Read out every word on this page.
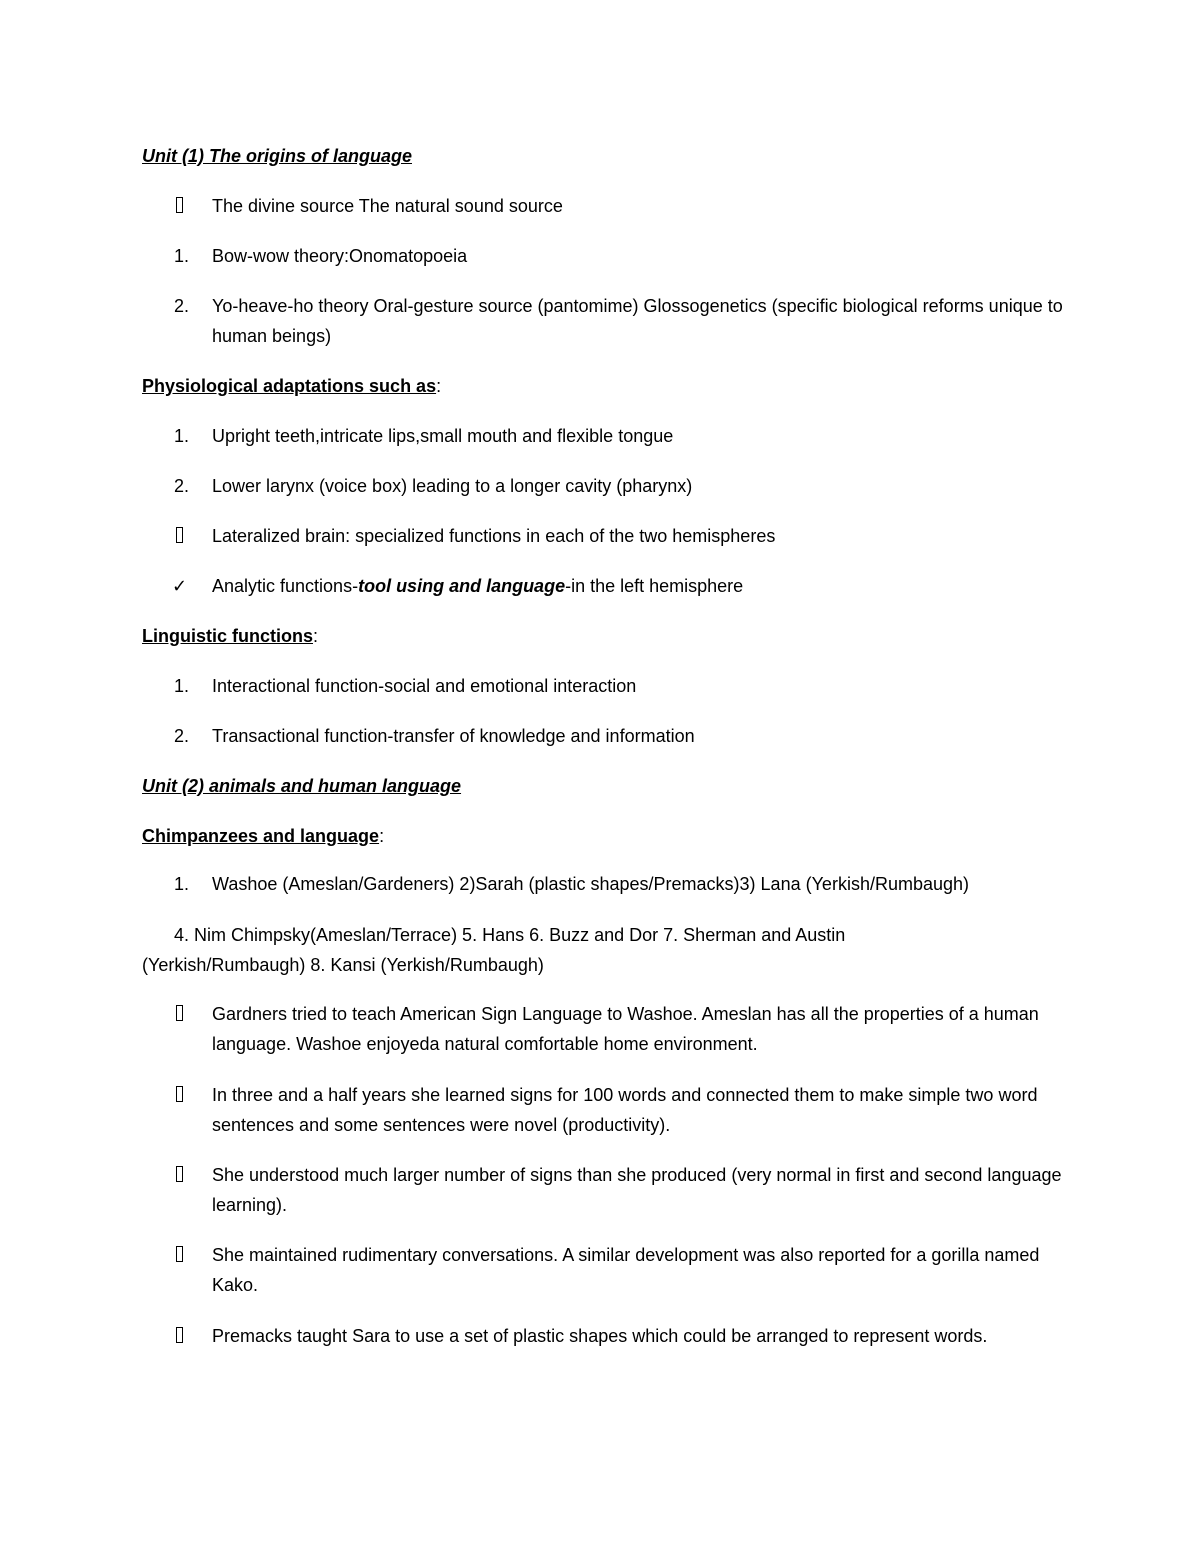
Unit (1) The origins of language
The divine source The natural sound source
1. Bow-wow theory:Onomatopoeia
2. Yo-heave-ho theory Oral-gesture source (pantomime) Glossogenetics (specific biological reforms unique to human beings)
Physiological adaptations such as:
1. Upright teeth,intricate lips,small mouth and flexible tongue
2. Lower larynx (voice box) leading to a longer cavity (pharynx)
Lateralized brain: specialized functions in each of the two hemispheres
✓ Analytic functions-tool using and language-in the left hemisphere
Linguistic functions:
1. Interactional function-social and emotional interaction
2. Transactional function-transfer of knowledge and information
Unit (2) animals and human language
Chimpanzees and language:
1. Washoe (Ameslan/Gardeners) 2)Sarah (plastic shapes/Premacks)3) Lana (Yerkish/Rumbaugh)
4. Nim Chimpsky(Ameslan/Terrace) 5. Hans 6. Buzz and Dor 7. Sherman and Austin
(Yerkish/Rumbaugh) 8. Kansi (Yerkish/Rumbaugh)
Gardners tried to teach American Sign Language to Washoe. Ameslan has all the properties of a human language. Washoe enjoyeda natural comfortable home environment.
In three and a half years she learned signs for 100 words and connected them to make simple two word sentences and some sentences were novel (productivity).
She understood much larger number of signs than she produced (very normal in first and second language learning).
She maintained rudimentary conversations. A similar development was also reported for a gorilla named Kako.
Premacks taught Sara to use a set of plastic shapes which could be arranged to represent words.
